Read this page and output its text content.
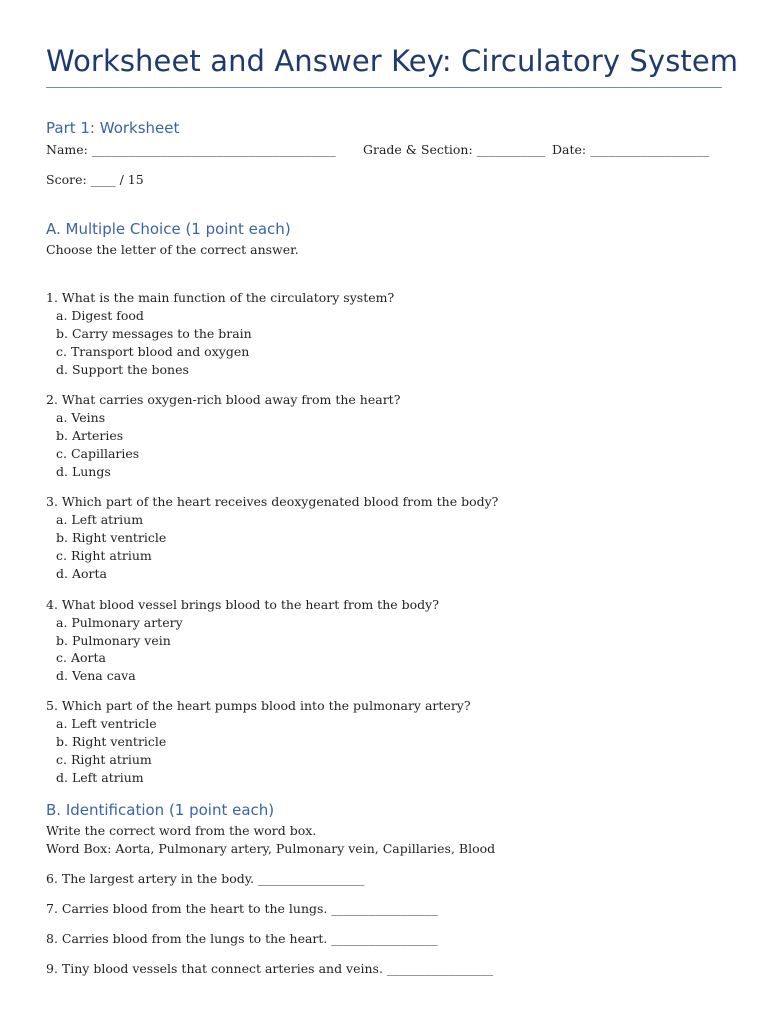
Worksheet and Answer Key: Circulatory System
Part 1: Worksheet
Name: _______________________________________ Grade & Section: ___________ Date: ___________________
Score: ____ / 15
A. Multiple Choice (1 point each)
Choose the letter of the correct answer.
1. What is the main function of the circulatory system?
a. Digest food
b. Carry messages to the brain
c. Transport blood and oxygen
d. Support the bones
2. What carries oxygen-rich blood away from the heart?
a. Veins
b. Arteries
c. Capillaries
d. Lungs
3. Which part of the heart receives deoxygenated blood from the body?
a. Left atrium
b. Right ventricle
c. Right atrium
d. Aorta
4. What blood vessel brings blood to the heart from the body?
a. Pulmonary artery
b. Pulmonary vein
c. Aorta
d. Vena cava
5. Which part of the heart pumps blood into the pulmonary artery?
a. Left ventricle
b. Right ventricle
c. Right atrium
d. Left atrium
B. Identification (1 point each)
Write the correct word from the word box.
Word Box: Aorta, Pulmonary artery, Pulmonary vein, Capillaries, Blood
6. The largest artery in the body. _________________
7. Carries blood from the heart to the lungs. _________________
8. Carries blood from the lungs to the heart. _________________
9. Tiny blood vessels that connect arteries and veins. _________________
